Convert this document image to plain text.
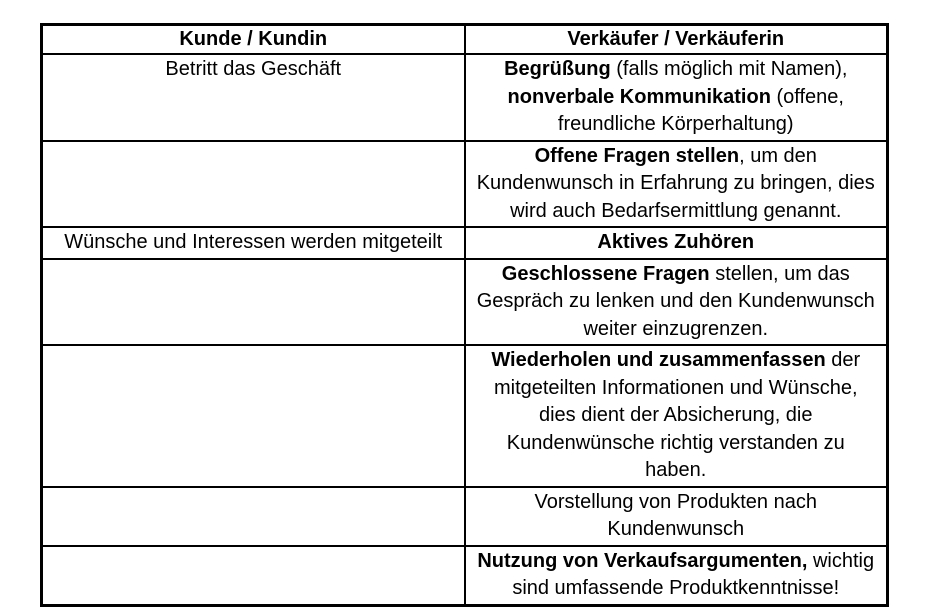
Kunde / Kundin	Verkäufer / Verkäuferin
Betritt das Geschäft	Begrüßung (falls möglich mit Namen), nonverbale Kommunikation (offene, freundliche Körperhaltung)
	Offene Fragen stellen, um den Kundenwunsch in Erfahrung zu bringen, dies wird auch Bedarfsermittlung genannt.
Wünsche und Interessen werden mitgeteilt	Aktives Zuhören
	Geschlossene Fragen stellen, um das Gespräch zu lenken und den Kundenwunsch weiter einzugrenzen.
	Wiederholen und zusammenfassen der mitgeteilten Informationen und Wünsche, dies dient der Absicherung, die Kundenwünsche richtig verstanden zu haben.
	Vorstellung von Produkten nach Kundenwunsch
	Nutzung von Verkaufsargumenten, wichtig sind umfassende Produktkenntnisse!
